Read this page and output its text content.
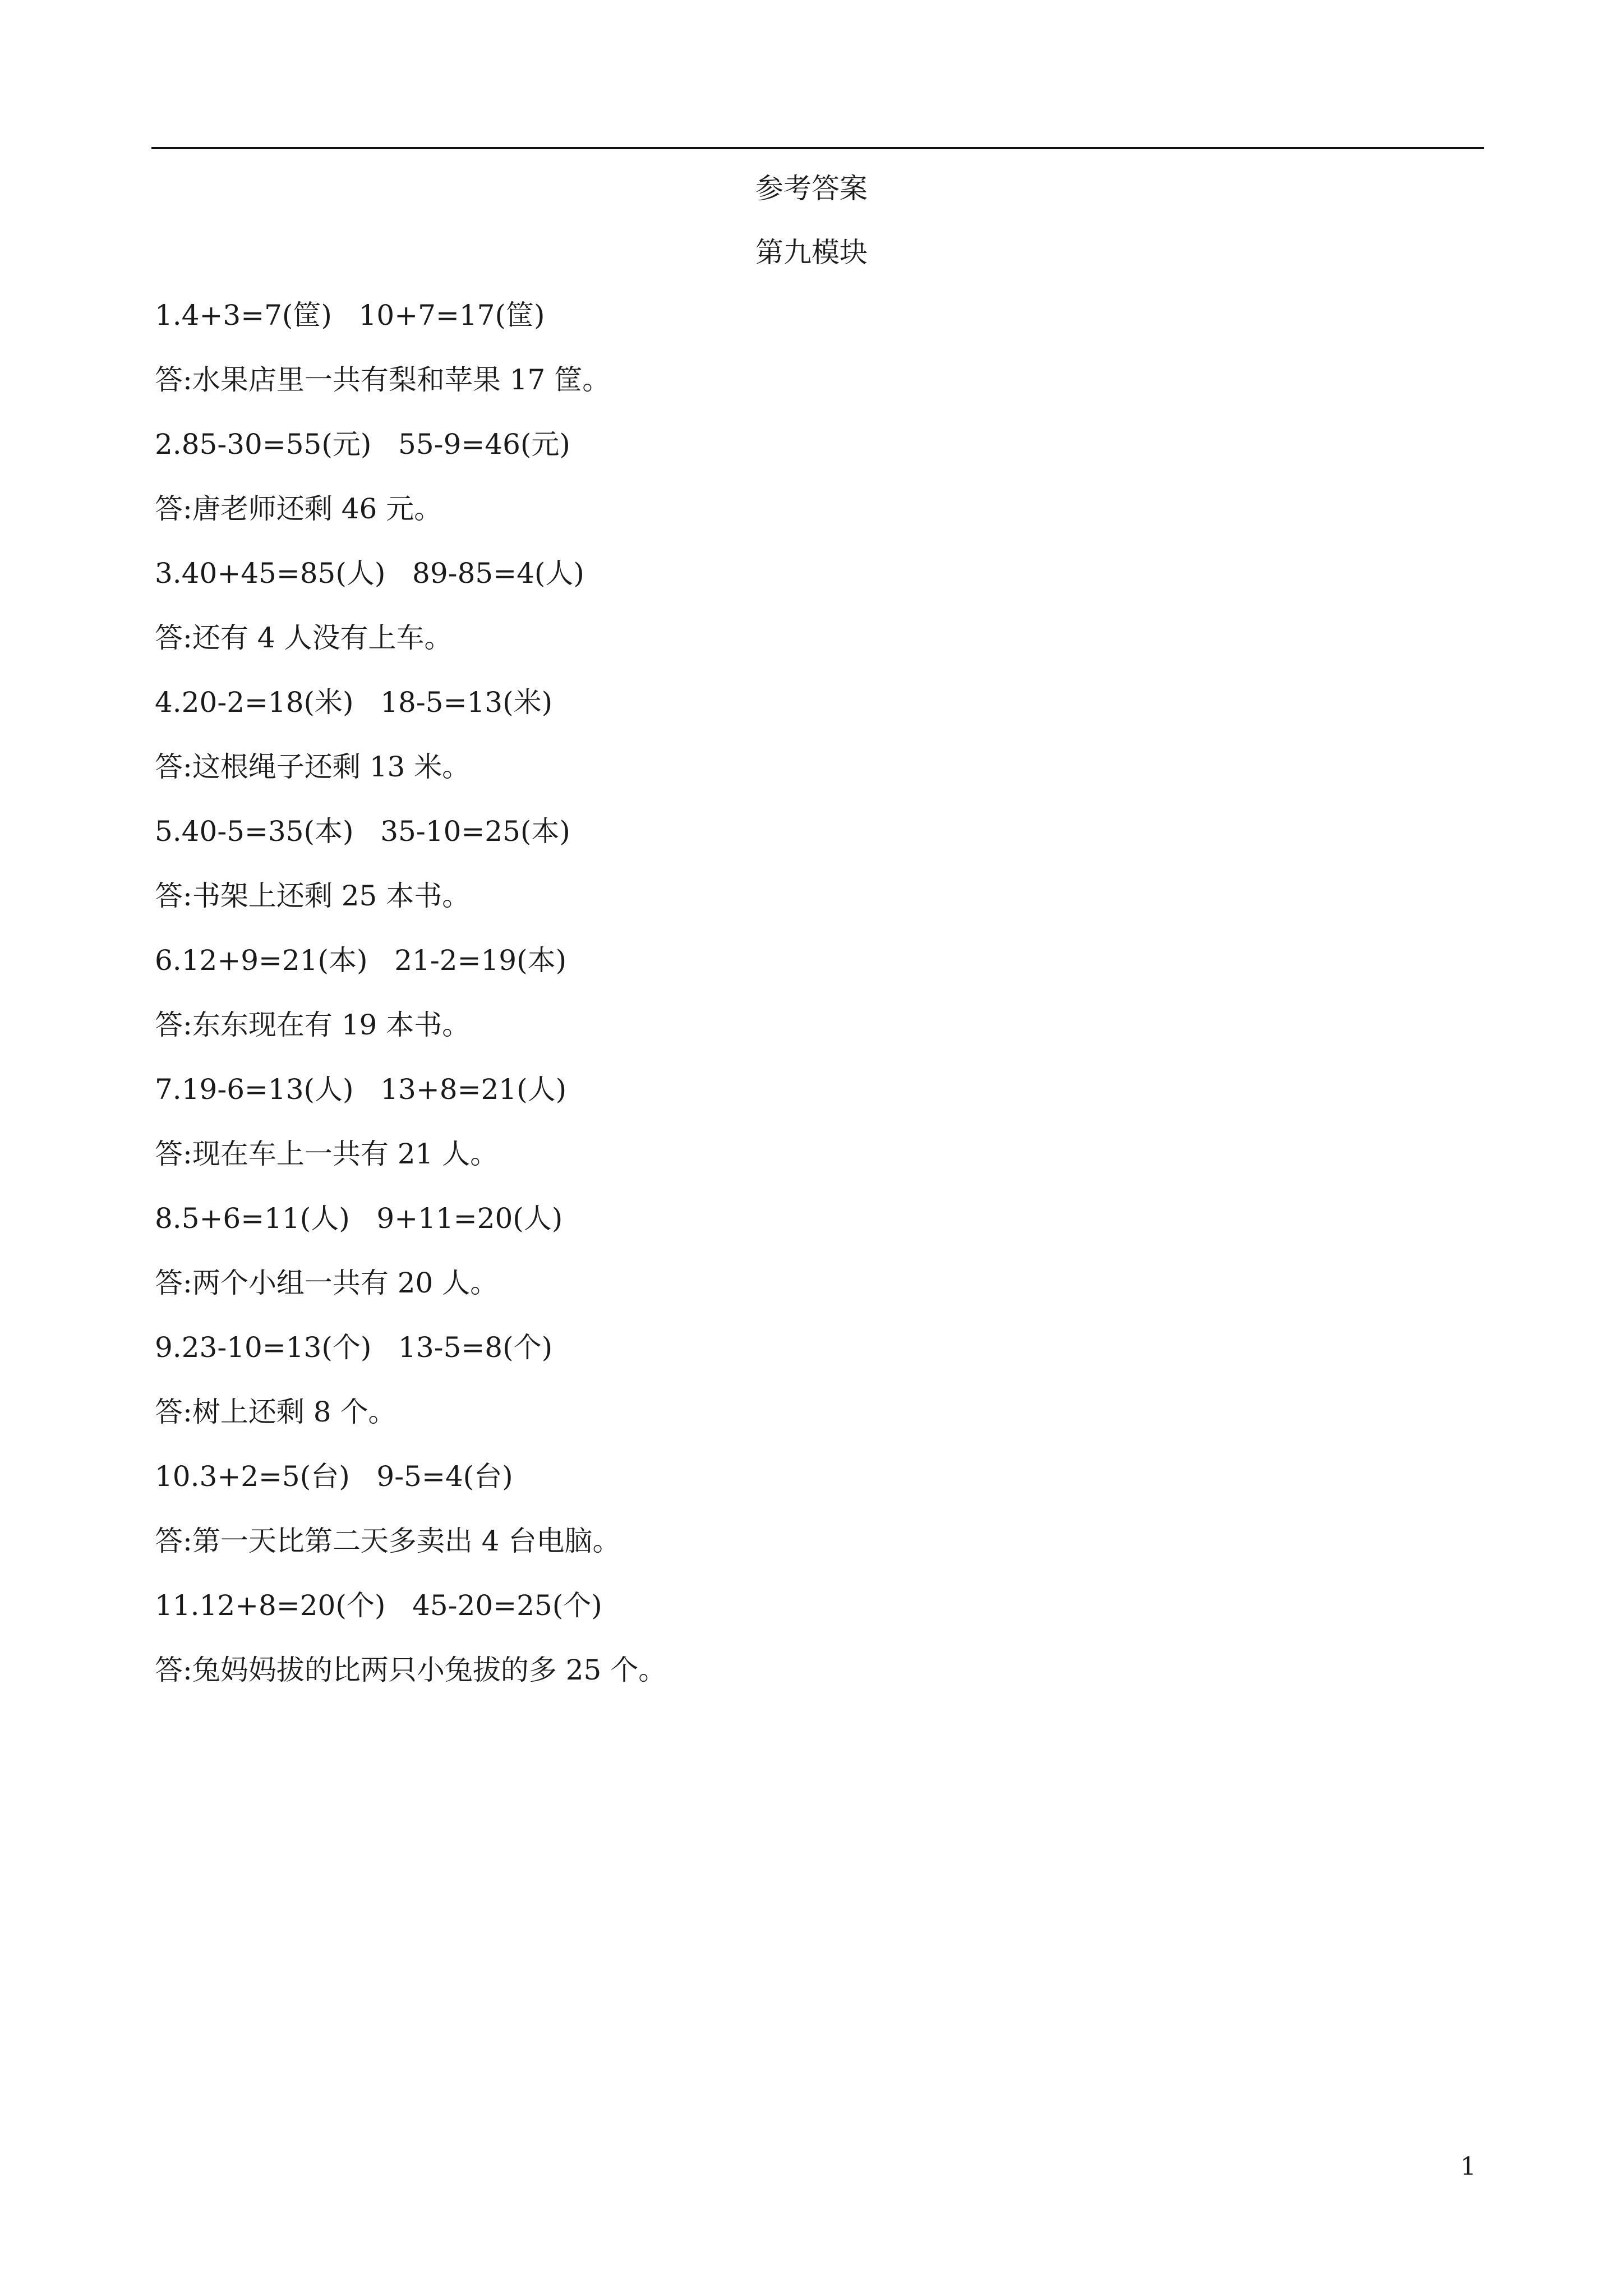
参考答案
第九模块
1.4+3=7(筐)   10+7=17(筐)
答:水果店里一共有梨和苹果 17 筐。
2.85-30=55(元)   55-9=46(元)
答:唐老师还剩 46 元。
3.40+45=85(人)   89-85=4(人)
答:还有 4 人没有上车。
4.20-2=18(米)   18-5=13(米)
答:这根绳子还剩 13 米。
5.40-5=35(本)   35-10=25(本)
答:书架上还剩 25 本书。
6.12+9=21(本)   21-2=19(本)
答:东东现在有 19 本书。
7.19-6=13(人)   13+8=21(人)
答:现在车上一共有 21 人。
8.5+6=11(人)   9+11=20(人)
答:两个小组一共有 20 人。
9.23-10=13(个)   13-5=8(个)
答:树上还剩 8 个。
10.3+2=5(台)   9-5=4(台)
答:第一天比第二天多卖出 4 台电脑。
11.12+8=20(个)   45-20=25(个)
答:兔妈妈拔的比两只小兔拔的多 25 个。
1
